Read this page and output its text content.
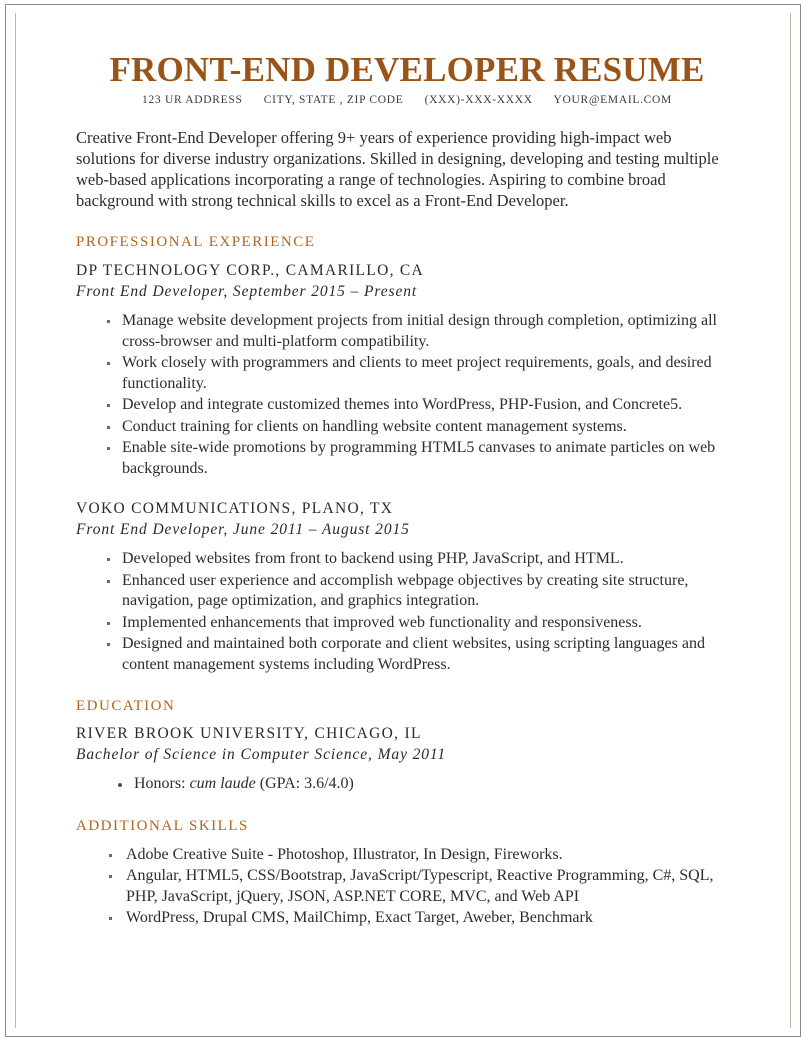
FRONT-END DEVELOPER RESUME
123 UR ADDRESS CITY, STATE , ZIP CODE (XXX)-XXX-XXXX YOUR@EMAIL.COM

Creative Front-End Developer offering 9+ years of experience providing high-impact web solutions for diverse industry organizations. Skilled in designing, developing and testing multiple web-based applications incorporating a range of technologies. Aspiring to combine broad background with strong technical skills to excel as a Front-End Developer.

PROFESSIONAL EXPERIENCE
DP TECHNOLOGY CORP., CAMARILLO, CA
Front End Developer, September 2015 – Present
Manage website development projects from initial design through completion, optimizing all cross-browser and multi-platform compatibility.
Work closely with programmers and clients to meet project requirements, goals, and desired functionality.
Develop and integrate customized themes into WordPress, PHP-Fusion, and Concrete5.
Conduct training for clients on handling website content management systems.
Enable site-wide promotions by programming HTML5 canvases to animate particles on web backgrounds.
VOKO COMMUNICATIONS, PLANO, TX
Front End Developer, June 2011 – August 2015
Developed websites from front to backend using PHP, JavaScript, and HTML.
Enhanced user experience and accomplish webpage objectives by creating site structure, navigation, page optimization, and graphics integration.
Implemented enhancements that improved web functionality and responsiveness.
Designed and maintained both corporate and client websites, using scripting languages and content management systems including WordPress.
EDUCATION
RIVER BROOK UNIVERSITY, CHICAGO, IL
Bachelor of Science in Computer Science, May 2011
Honors: cum laude (GPA: 3.6/4.0)
ADDITIONAL SKILLS
Adobe Creative Suite - Photoshop, Illustrator, In Design, Fireworks.
Angular, HTML5, CSS/Bootstrap, JavaScript/Typescript, Reactive Programming, C#, SQL, PHP, JavaScript, jQuery, JSON, ASP.NET CORE, MVC, and Web API
WordPress, Drupal CMS, MailChimp, Exact Target, Aweber, Benchmark
